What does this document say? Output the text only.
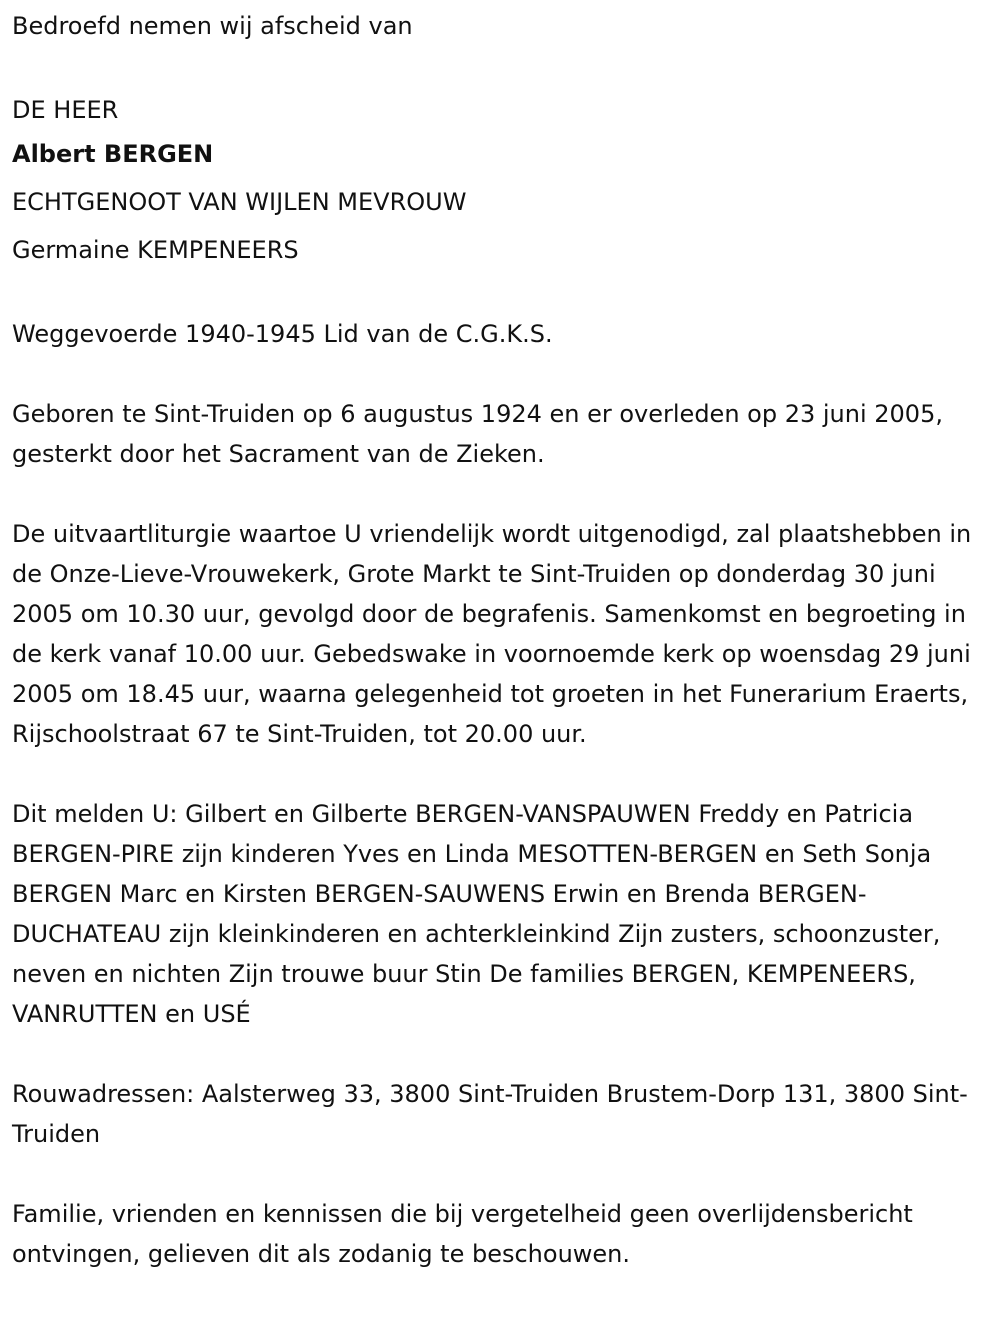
Bedroefd nemen wij afscheid van

DE HEER

Albert BERGEN

ECHTGENOOT VAN WIJLEN MEVROUW

Germaine KEMPENEERS

Weggevoerde 1940-1945 Lid van de C.G.K.S.

Geboren te Sint-Truiden op 6 augustus 1924 en er overleden op 23 juni 2005, gesterkt door het Sacrament van de Zieken.

De uitvaartliturgie waartoe U vriendelijk wordt uitgenodigd, zal plaatshebben in de Onze-Lieve-Vrouwekerk, Grote Markt te Sint-Truiden op donderdag 30 juni 2005 om 10.30 uur, gevolgd door de begrafenis. Samenkomst en begroeting in de kerk vanaf 10.00 uur. Gebedswake in voornoemde kerk op woensdag 29 juni 2005 om 18.45 uur, waarna gelegenheid tot groeten in het Funerarium Eraerts, Rijschoolstraat 67 te Sint-Truiden, tot 20.00 uur.

Dit melden U: Gilbert en Gilberte BERGEN-VANSPAUWEN Freddy en Patricia BERGEN-PIRE zijn kinderen Yves en Linda MESOTTEN-BERGEN en Seth Sonja BERGEN Marc en Kirsten BERGEN-SAUWENS Erwin en Brenda BERGEN-DUCHATEAU zijn kleinkinderen en achterkleinkind Zijn zusters, schoonzuster, neven en nichten Zijn trouwe buur Stin De families BERGEN, KEMPENEERS, VANRUTTEN en USÉ

Rouwadressen: Aalsterweg 33, 3800 Sint-Truiden Brustem-Dorp 131, 3800 Sint-Truiden

Familie, vrienden en kennissen die bij vergetelheid geen overlijdensbericht ontvingen, gelieven dit als zodanig te beschouwen.
